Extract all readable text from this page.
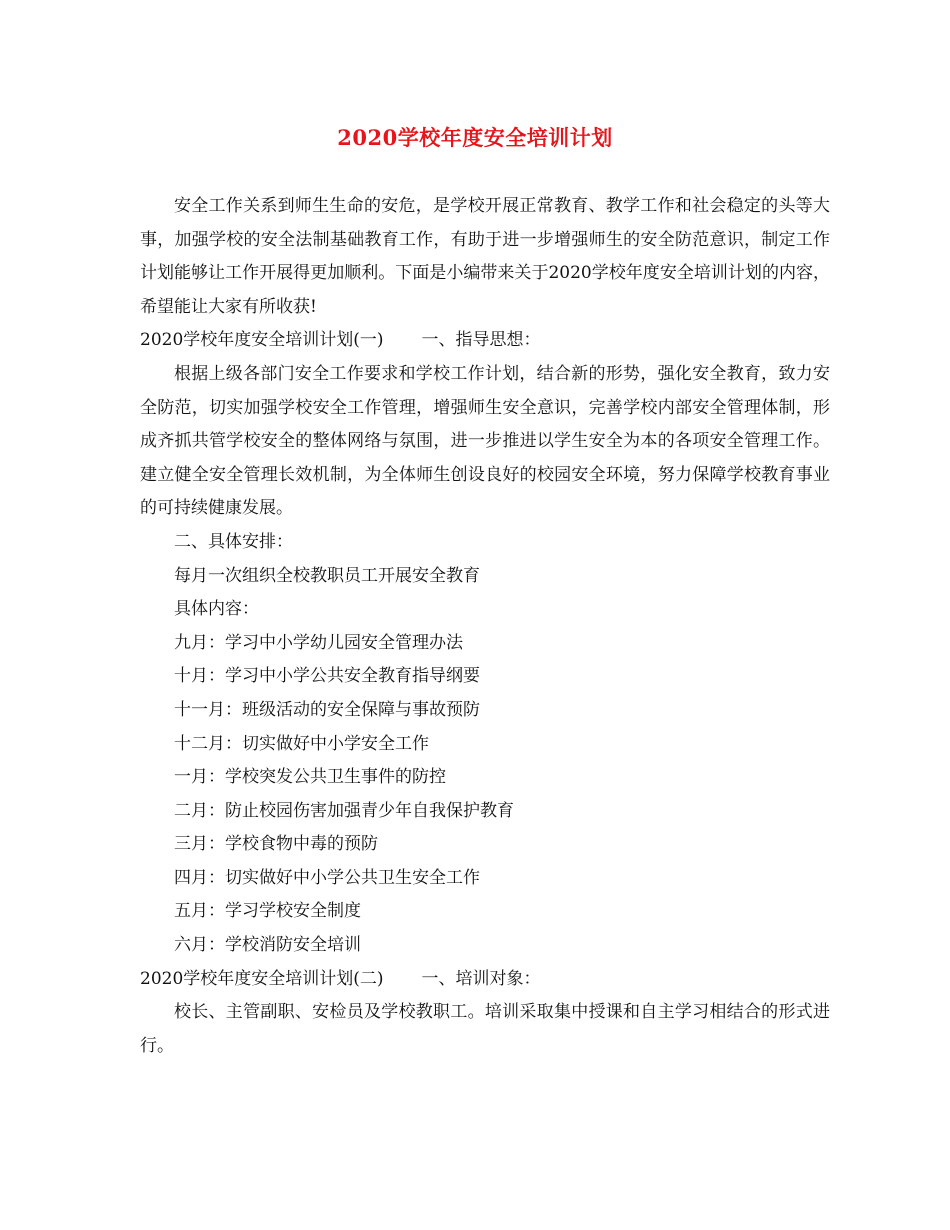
2020学校年度安全培训计划

安全工作关系到师生生命的安危，是学校开展正常教育、教学工作和社会稳定的头等大事，加强学校的安全法制基础教育工作，有助于进一步增强师生的安全防范意识，制定工作计划能够让工作开展得更加顺利。下面是小编带来关于2020学校年度安全培训计划的内容，希望能让大家有所收获!

2020学校年度安全培训计划(一) 一、指导思想：

根据上级各部门安全工作要求和学校工作计划，结合新的形势，强化安全教育，致力安全防范，切实加强学校安全工作管理，增强师生安全意识，完善学校内部安全管理体制，形成齐抓共管学校安全的整体网络与氛围，进一步推进以学生安全为本的各项安全管理工作。建立健全安全管理长效机制，为全体师生创设良好的校园安全环境，努力保障学校教育事业的可持续健康发展。

二、具体安排：
每月一次组织全校教职员工开展安全教育
具体内容：
九月：学习中小学幼儿园安全管理办法
十月：学习中小学公共安全教育指导纲要
十一月：班级活动的安全保障与事故预防
十二月：切实做好中小学安全工作
一月：学校突发公共卫生事件的防控
二月：防止校园伤害加强青少年自我保护教育
三月：学校食物中毒的预防
四月：切实做好中小学公共卫生安全工作
五月：学习学校安全制度
六月：学校消防安全培训
2020学校年度安全培训计划(二) 一、培训对象：

校长、主管副职、安检员及学校教职工。培训采取集中授课和自主学习相结合的形式进行。
